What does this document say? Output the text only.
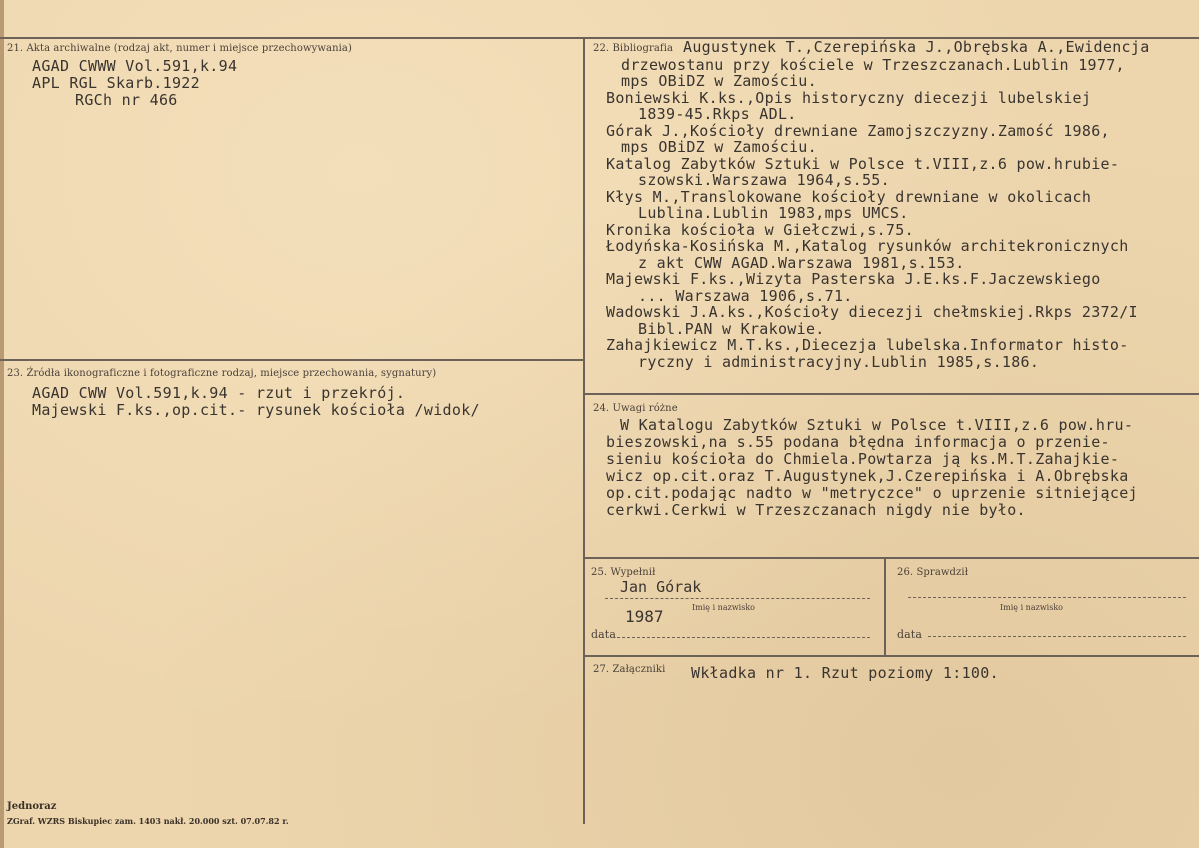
21. Akta archiwalne (rodzaj akt, numer i miejsce przechowywania)
AGAD CWWW Vol.591,k.94
APL RGL Skarb.1922
RGCh nr 466
22. Bibliografia Augustynek T.,Czerepińska J.,Obrębska A.,Ewidencja
drzewostanu przy kościele w Trzeszczanach.Lublin 1977,
mps OBiDZ w Zamościu.
Boniewski K.ks.,Opis historyczny diecezji lubelskiej
1839-45.Rkps ADL.
Górak J.,Kościoły drewniane Zamojszczyzny.Zamość 1986,
mps OBiDZ w Zamościu.
Katalog Zabytków Sztuki w Polsce t.VIII,z.6 pow.hrubie-
szowski.Warszawa 1964,s.55.
Kłys M.,Translokowane kościoły drewniane w okolicach
Lublina.Lublin 1983,mps UMCS.
Kronika kościoła w Giełczwi,s.75.
Łodyńska-Kosińska M.,Katalog rysunków architekronicznych
z akt CWW AGAD.Warszawa 1981,s.153.
Majewski F.ks.,Wizyta Pasterska J.E.ks.F.Jaczewskiego
... Warszawa 1906,s.71.
Wadowski J.A.ks.,Kościoły diecezji chełmskiej.Rkps 2372/I
Bibl.PAN w Krakowie.
Zahajkiewicz M.T.ks.,Diecezja lubelska.Informator histo-
ryczny i administracyjny.Lublin 1985,s.186.
23. Źródła ikonograficzne i fotograficzne rodzaj, miejsce przechowania, sygnatury)
AGAD CWW Vol.591,k.94 - rzut i przekrój.
Majewski F.ks.,op.cit.- rysunek kościoła /widok/	24. Uwagi różne
W Katalogu Zabytków Sztuki w Polsce t.VIII,z.6 pow.hru-
bieszowski,na s.55 podana błędna informacja o przenie-
sieniu kościoła do Chmiela.Powtarza ją ks.M.T.Zahajkie-
wicz op.cit.oraz T.Augustynek,J.Czerepińska i A.Obrębska
op.cit.podając nadto w "metryczce" o uprzenie sitniejącej
cerkwi.Cerkwi w Trzeszczanach nigdy nie było.
25. Wypełnił
Jan Górak
Imię i nazwisko
1987
data
26. Sprawdził
Imię i nazwisko
data
27. Załączniki Wkładka nr 1. Rzut poziomy 1:100.
Jednoraz
ZGraf. WZRS Biskupiec zam. 1403 nakł. 20.000 szt. 07.07.82 r.
